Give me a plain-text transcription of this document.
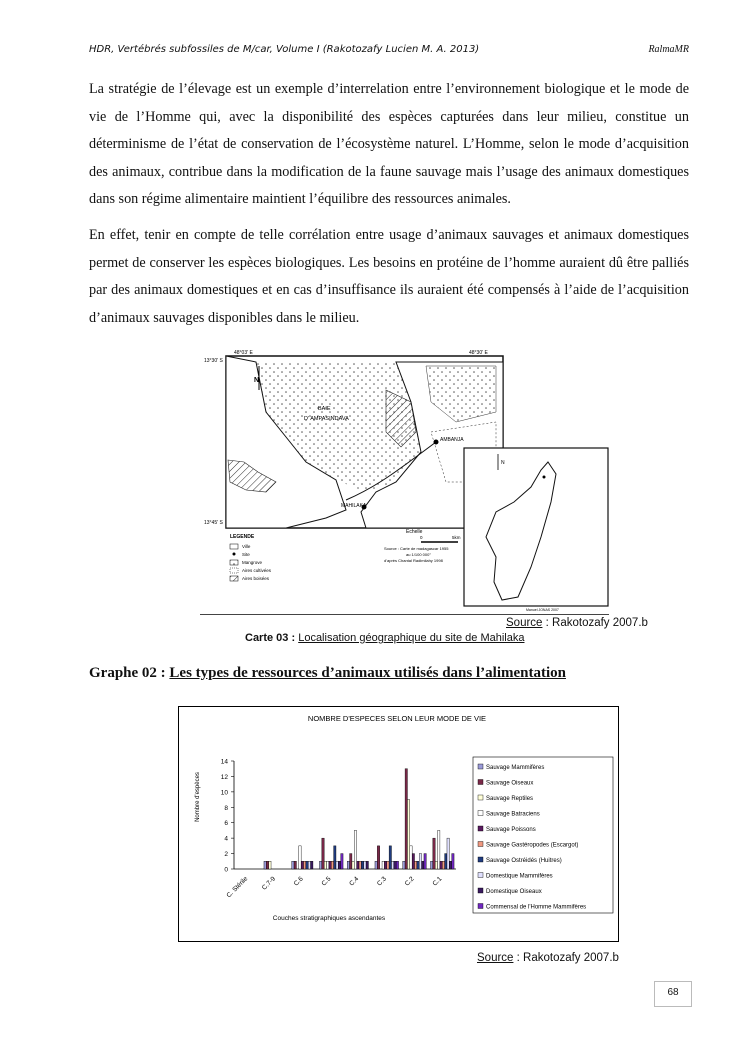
HDR, Vertébrés subfossiles de M/car, Volume I (Rakotozafy Lucien M. A. 2013)	RalmaMR

La stratégie de l’élevage est un exemple d’interrelation entre l’environnement biologique et le mode de vie de l’Homme qui, avec la disponibilité des espèces capturées dans leur milieu, constitue un déterminisme de l’état de conservation de l’écosystème naturel. L’Homme, selon le mode d’acquisition des animaux, contribue dans la modification de la faune sauvage mais l’usage des animaux domestiques dans son régime alimentaire maintient l’équilibre des ressources animales.

En effet, tenir en compte de telle corrélation entre usage d’animaux sauvages et animaux domestiques permet de conserver les espèces biologiques. Les besoins en protéine de l’homme auraient dû être palliés par des animaux domestiques et en cas d’insuffisance ils auraient été compensés à l’aide de l’acquisition d’animaux sauvages disponibles dans le milieu.

48°03' E
13°30' S
48°30' E
13°45' S
BAIE
D' AMPASINDAVA
AMBANJA
MAHILAKA
N
LEGENDE
Ville
Site
Mangrove
Aires cultivées
Aires boisées
Echelle
0	5km
Source : Carte de madagascar 1955
au 1/100 000°
d'après Chantal Radimilahy 1998
N
Manuel JONAS 2007
Source : Rakotozafy 2007.b
Carte 03 : Localisation géographique du site de Mahilaka
Graphe 02 : Les types de ressources d’animaux utilisés dans l’alimentation
NOMBRE D'ESPECES SELON LEUR MODE DE VIE
Nombre d'espèces
Couches stratigraphiques ascendantes
0
2
4
6
8
10
12
14
C. Stérile C.7-9 C.6 C.5 C.4 C.3 C.2 C.1
Sauvage Mammifères
Sauvage Oiseaux
Sauvage Reptiles
Sauvage Batraciens
Sauvage Poissons
Sauvage Gastéropodes (Escargot)
Sauvage Ostréidés (Huitres)
Domestique Mammifères
Domestique Oiseaux
Commensal de l'Homme Mammifères
Source : Rakotozafy 2007.b
68
